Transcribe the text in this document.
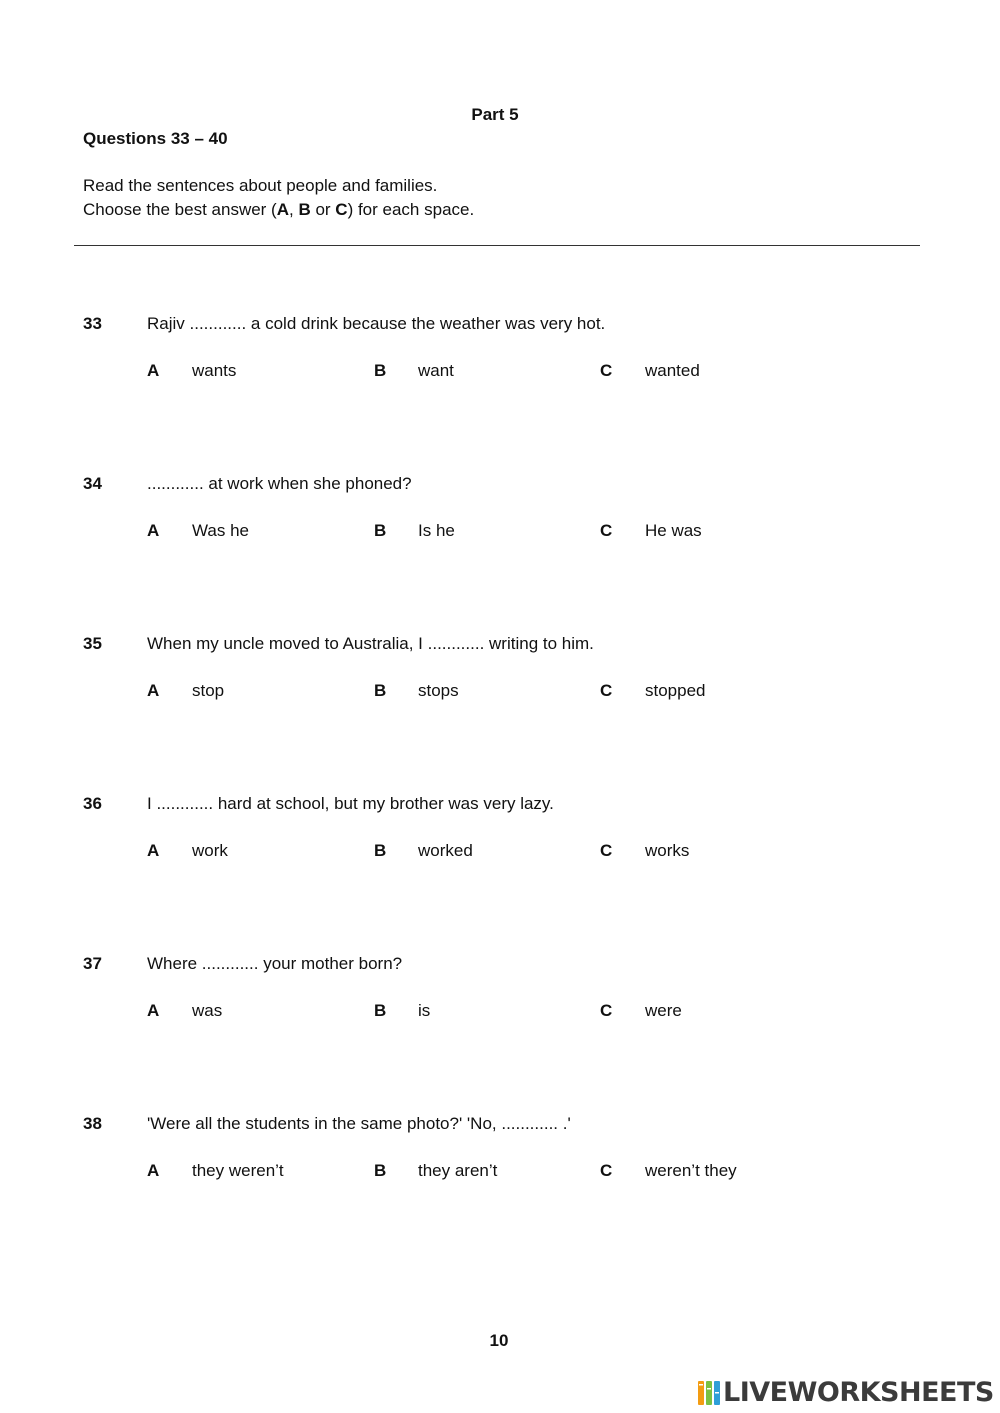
Part 5
Questions 33 – 40
Read the sentences about people and families.
Choose the best answer (A, B or C) for each space.
33	Rajiv ............ a cold drink because the weather was very hot.
A wants	B want	C wanted
34	............ at work when she phoned?
A Was he	B Is he	C He was
35	When my uncle moved to Australia, I ............ writing to him.
A stop	B stops	C stopped
36	I ............ hard at school, but my brother was very lazy.
A work	B worked	C works
37	Where ............ your mother born?
A was	B is	C were
38	'Were all the students in the same photo?' 'No, ............ .'
A they weren’t	B they aren’t	C weren’t they
10
LIVEWORKSHEETS
